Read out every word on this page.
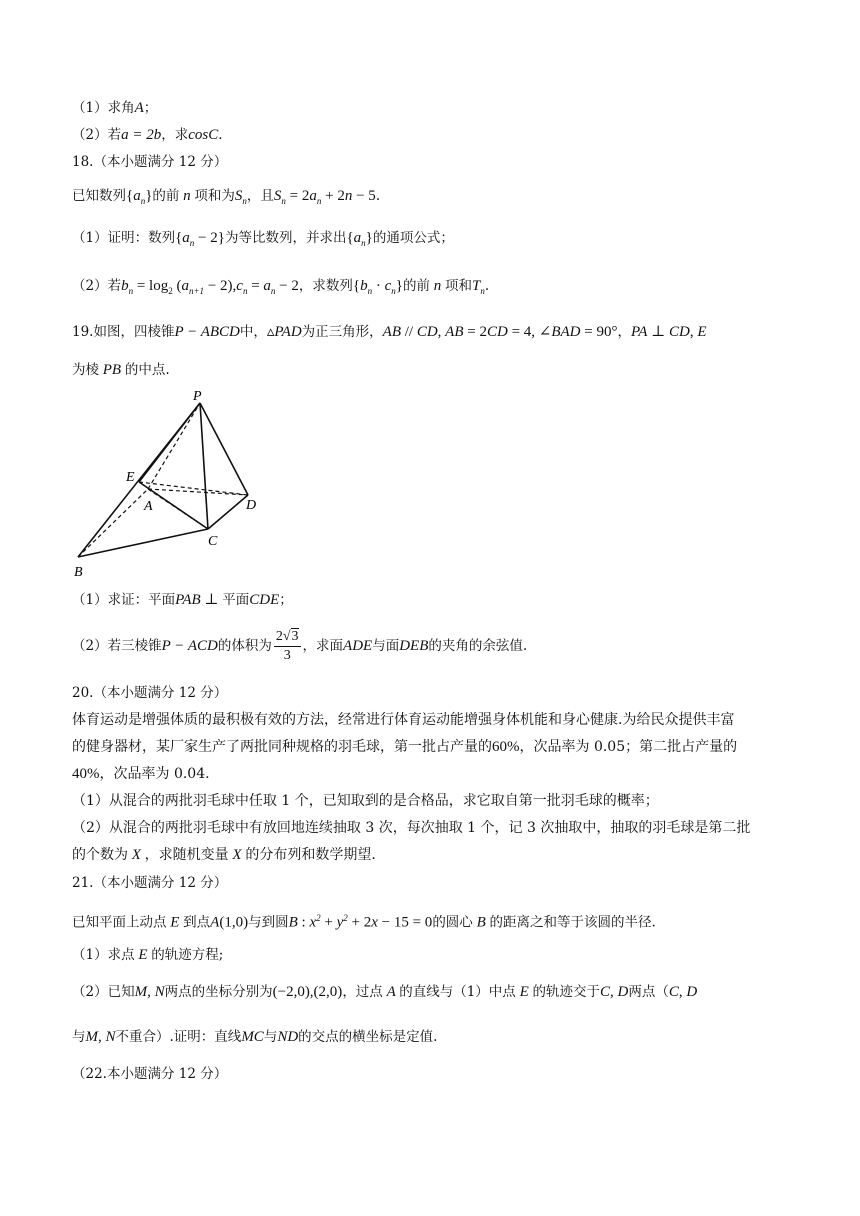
（1）求角A；
（2）若a = 2b，求cosC.
18.（本小题满分 12 分）
已知数列$\{a_n\}$的前 n 项和为$S_n$，且$S_n = 2a_n + 2n - 5$.
（1）证明：数列$\{a_n - 2\}$为等比数列，并求出$\{a_n\}$的通项公式；
（2）若$b_n = \log_2 (a_{n+1} - 2),c_n = a_n - 2$，求数列$\{b_n \cdot c_n\}$的前 n 项和$T_n$.
19.如图，四棱锥P − ABCD中，▵PAD为正三角形，AB // CD, AB = 2CD = 4, ∠BAD = 90°，PA ⊥ CD, E
为棱 PB 的中点.
P
E
A	D
C
B
（1）求证：平面PAB ⊥ 平面CDE；
（2）若三棱锥P − ACD的体积为 $\frac{2√3}{3}$ ，求面ADE与面DEB的夹角的余弦值.
20.（本小题满分 12 分）
体育运动是增强体质的最积极有效的方法，经常进行体育运动能增强身体机能和身心健康.为给民众提供丰富
的健身器材，某厂家生产了两批同种规格的羽毛球，第一批占产量的60%，次品率为 0.05；第二批占产量的
40%，次品率为 0.04.
（1）从混合的两批羽毛球中任取 1 个，已知取到的是合格品，求它取自第一批羽毛球的概率；
（2）从混合的两批羽毛球中有放回地连续抽取 3 次，每次抽取 1 个，记 3 次抽取中，抽取的羽毛球是第二批
的个数为 X ，求随机变量 X 的分布列和数学期望.
21.（本小题满分 12 分）
已知平面上动点 E 到点A(1,0)与到圆B : $x^2 + y^2 + 2x - 15 = 0$的圆心 B 的距离之和等于该圆的半径.
（1）求点 E 的轨迹方程;
（2）已知M, N两点的坐标分别为(−2,0),(2,0)，过点 A 的直线与（1）中点 E 的轨迹交于C, D两点（C, D
与M, N不重合）.证明：直线MC与ND的交点的横坐标是定值.
（22.本小题满分 12 分）
